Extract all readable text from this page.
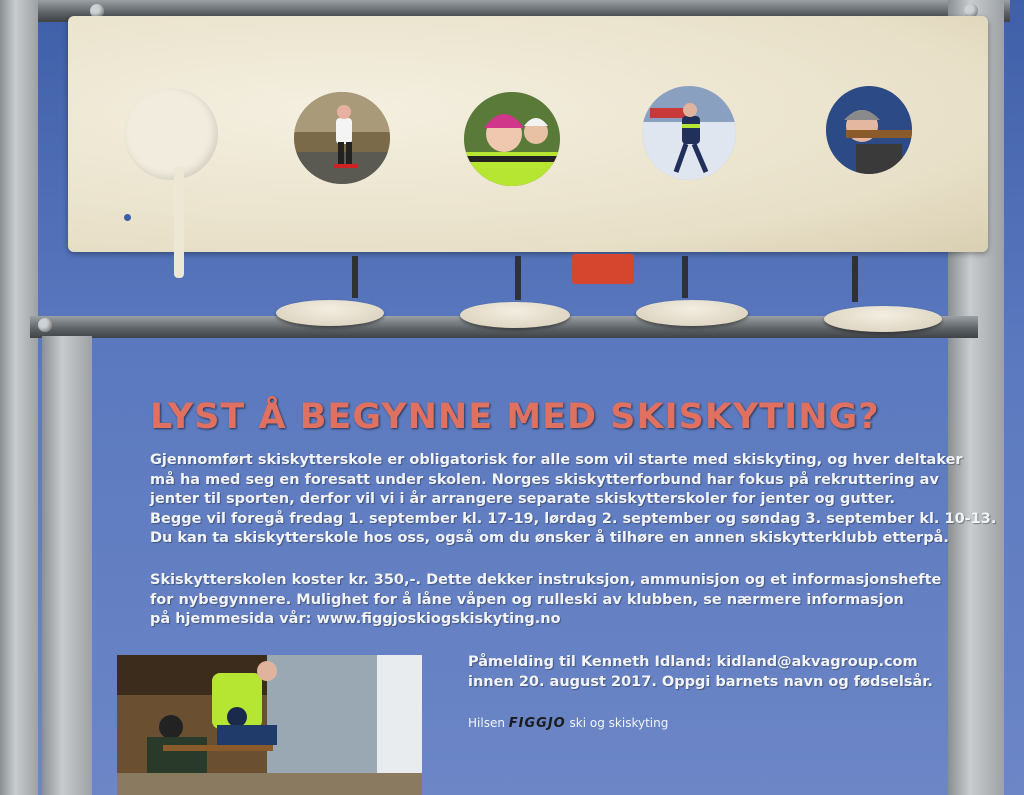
LYST Å BEGYNNE MED SKISKYTING?
Gjennomført skiskytterskole er obligatorisk for alle som vil starte med skiskyting, og hver deltaker
må ha med seg en foresatt under skolen. Norges skiskytterforbund har fokus på rekruttering av
jenter til sporten, derfor vil vi i år arrangere separate skiskytterskoler for jenter og gutter.
Begge vil foregå fredag 1. september kl. 17-19, lørdag 2. september og søndag 3. september kl. 10-13.
Du kan ta skiskytterskole hos oss, også om du ønsker å tilhøre en annen skiskytterklubb etterpå.
Skiskytterskolen koster kr. 350,-. Dette dekker instruksjon, ammunisjon og et informasjonshefte
for nybegynnere. Mulighet for å låne våpen og rulleski av klubben, se nærmere informasjon
på hjemmesida vår: www.figgjoskiogskiskyting.no
Påmelding til Kenneth Idland: kidland@akvagroup.com
innen 20. august 2017. Oppgi barnets navn og fødselsår.
Hilsen FIGGJO ski og skiskyting
